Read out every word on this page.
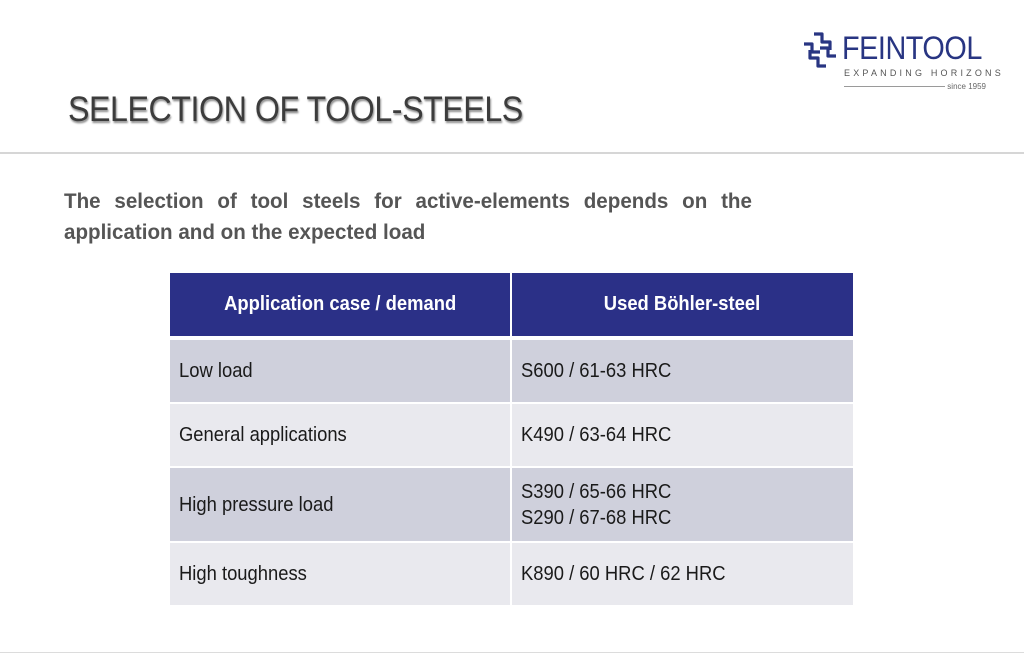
FEINTOOL
EXPANDING HORIZONS
since 1959
SELECTION OF TOOL-STEELS

The selection of tool steels for active-elements depends on the application and on the expected load

Application case / demand	Used Böhler-steel
Low load	S600 / 61-63 HRC
General applications	K490 / 63-64 HRC
High pressure load	S390 / 65-66 HRC
S290 / 67-68 HRC
High toughness	K890 / 60 HRC / 62 HRC
